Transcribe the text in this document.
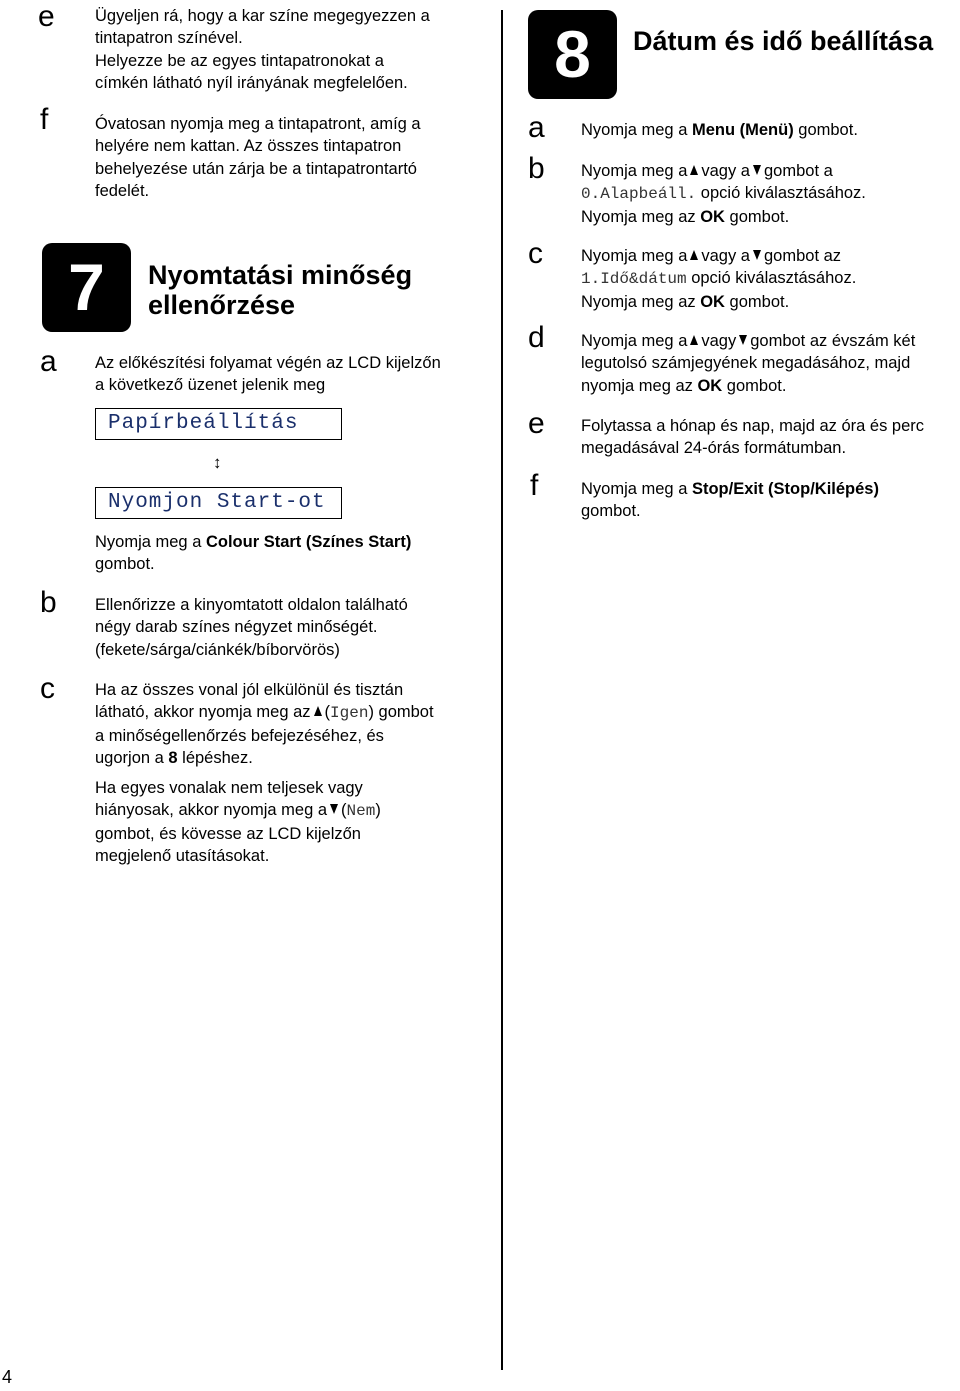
e Ügyeljen rá, hogy a kar színe megegyezzen a

tintapatron színével.

Helyezze be az egyes tintapatronokat a

címkén látható nyíl irányának megfelelően.

f	Óvatosan nyomja meg a tintapatront, amíg a

helyére nem kattan. Az összes tintapatron

behelyezése után zárja be a tintapatrontartó

fedelét.

7	Nyomtatási minőség
ellenőrzése
a Az előkészítési folyamat végén az LCD kijelzőn

a következő üzenet jelenik meg

Papírbeállítás
↕
Nyomjon Start-ot

Nyomja meg a Colour Start (Színes Start)

gombot.

b Ellenőrizze a kinyomtatott oldalon található

négy darab színes négyzet minőségét.

(fekete/sárga/ciánkék/bíborvörös)

c Ha az összes vonal jól elkülönül és tisztán

látható, akkor nyomja meg az (Igen) gombot

a minőségellenőrzés befejezéséhez, és

ugorjon a 8 lépéshez.

Ha egyes vonalak nem teljesek vagy

hiányosak, akkor nyomja meg a (Nem)

gombot, és kövesse az LCD kijelzőn

megjelenő utasításokat.

8	Dátum és idő beállítása
a Nyomja meg a Menu (Menü) gombot.

b Nyomja meg a vagy a gombot a

0.Alapbeáll. opció kiválasztásához.

Nyomja meg az OK gombot.

c Nyomja meg a vagy a gombot az

1.Idő&dátum opció kiválasztásához.

Nyomja meg az OK gombot.

d Nyomja meg a vagy gombot az évszám két

legutolsó számjegyének megadásához, majd

nyomja meg az OK gombot.

e Folytassa a hónap és nap, majd az óra és perc

megadásával 24-órás formátumban.

f	Nyomja meg a Stop/Exit (Stop/Kilépés)

gombot.

4
